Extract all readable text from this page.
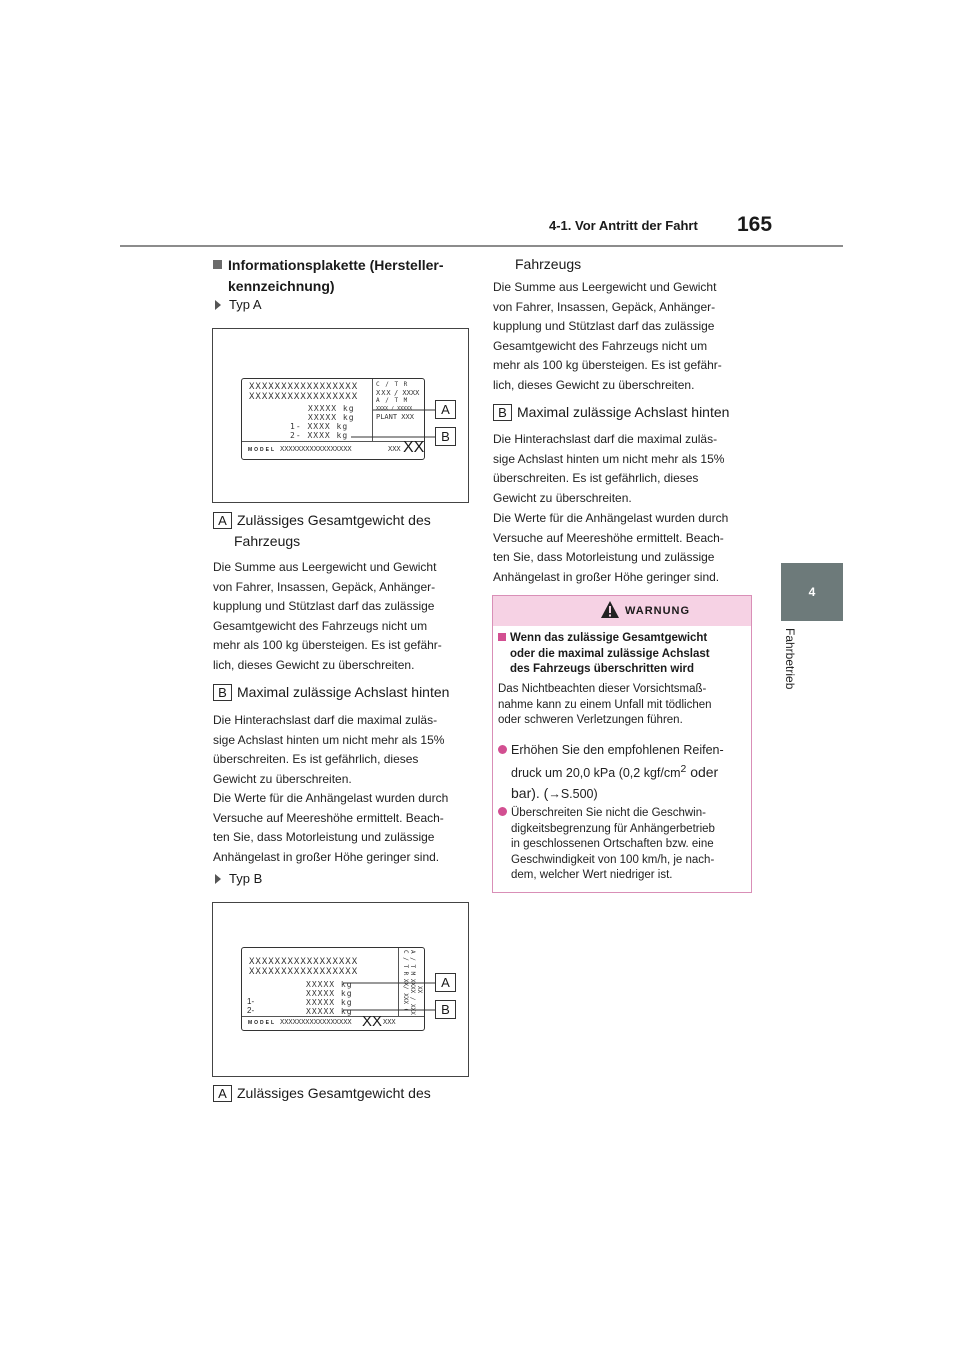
4-1. Vor Antritt der Fahrt 165
4
Fahrbetrieb
Informationsplakette (Hersteller-
kennzeichnung)
Typ A
XXXXXXXXXXXXXXXXX
XXXXXXXXXXXXXXXXX
XXXXX kg
XXXXX kg
1- XXXX kg
2- XXXX kg
C / T R
XXX / XXXX
A / T M
XXXX / XXXXX
PLANT XXX
MODEL XXXXXXXXXXXXXXXXX	XXX XX
A
B
A Zulässiges Gesamtgewicht des
Fahrzeugs
Die Summe aus Leergewicht und Gewicht
von Fahrer, Insassen, Gepäck, Anhänger-
kupplung und Stützlast darf das zulässige
Gesamtgewicht des Fahrzeugs nicht um
mehr als 100 kg übersteigen. Es ist gefähr-
lich, dieses Gewicht zu überschreiten.
B Maximal zulässige Achslast hinten
Die Hinterachslast darf die maximal zuläs-
sige Achslast hinten um nicht mehr als 15%
überschreiten. Es ist gefährlich, dieses
Gewicht zu überschreiten.
Die Werte für die Anhängelast wurden durch
Versuche auf Meereshöhe ermittelt. Beach-
ten Sie, dass Motorleistung und zulässige
Anhängelast in großer Höhe geringer sind.
Typ B
XXXXXXXXXXXXXXXXX
XXXXXXXXXXXXXXXXX
XXXXX kg
XXXXX kg
XXXXX kg
XXXXX kg
1-
2-
C / T R XX A / T M XX
/ XXX ( XX / XXX XX
MODEL XXXXXXXXXXXXXXXXX XX XXX
A
B
A Zulässiges Gesamtgewicht des
Fahrzeugs
Die Summe aus Leergewicht und Gewicht
von Fahrer, Insassen, Gepäck, Anhänger-
kupplung und Stützlast darf das zulässige
Gesamtgewicht des Fahrzeugs nicht um
mehr als 100 kg übersteigen. Es ist gefähr-
lich, dieses Gewicht zu überschreiten.
B Maximal zulässige Achslast hinten
Die Hinterachslast darf die maximal zuläs-
sige Achslast hinten um nicht mehr als 15%
überschreiten. Es ist gefährlich, dieses
Gewicht zu überschreiten.
Die Werte für die Anhängelast wurden durch
Versuche auf Meereshöhe ermittelt. Beach-
ten Sie, dass Motorleistung und zulässige
Anhängelast in großer Höhe geringer sind.
WARNUNG
Wenn das zulässige Gesamtgewicht
oder die maximal zulässige Achslast
des Fahrzeugs überschritten wird
Das Nichtbeachten dieser Vorsichtsmaß-
nahme kann zu einem Unfall mit tödlichen
oder schweren Verletzungen führen.
Erhöhen Sie den empfohlenen Reifen-
druck um 20,0 kPa (0,2 kgf/$cm^2$ oder
bar). (→S.500)
Überschreiten Sie nicht die Geschwin-
digkeitsbegrenzung für Anhängerbetrieb
in geschlossenen Ortschaften bzw. eine
Geschwindigkeit von 100 km/h, je nach-
dem, welcher Wert niedriger ist.
